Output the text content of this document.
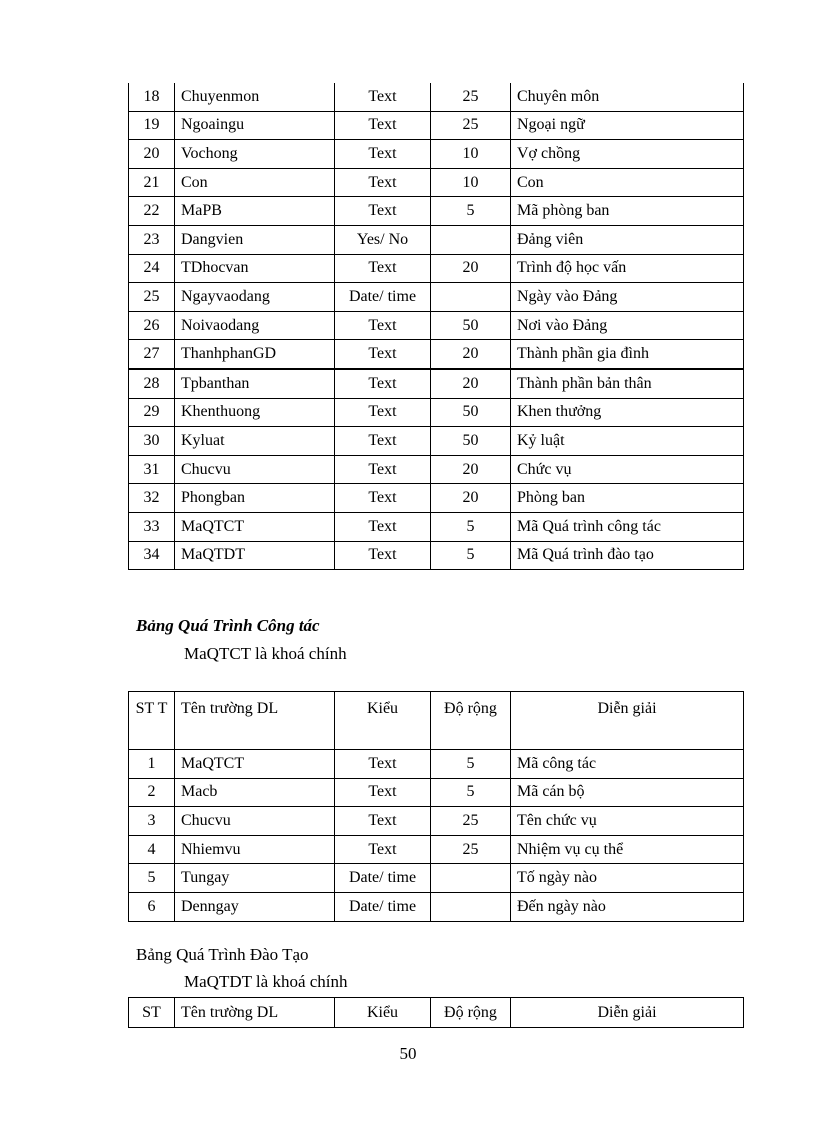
18	Chuyenmon	Text	25	Chuyên môn
19	Ngoaingu	Text	25	Ngoại ngữ
20	Vochong	Text	10	Vợ chồng
21	Con	Text	10	Con
22	MaPB	Text	5	Mã phòng ban
23	Dangvien	Yes/ No		Đảng viên
24	TDhocvan	Text	20	Trình độ học vấn
25	Ngayvaodang	Date/ time		Ngày vào Đảng
26	Noivaodang	Text	50	Nơi vào Đảng
27	ThanhphanGD	Text	20	Thành phần gia đình
28	Tpbanthan	Text	20	Thành phần bản thân
29	Khenthuong	Text	50	Khen thưởng
30	Kyluat	Text	50	Kỷ luật
31	Chucvu	Text	20	Chức vụ
32	Phongban	Text	20	Phòng ban
33	MaQTCT	Text	5	Mã Quá trình công tác
34	MaQTDT	Text	5	Mã Quá trình đào tạo
Bảng Quá Trình Công tác
MaQTCT là khoá chính
ST T	Tên trường DL	Kiểu	Độ rộng	Diễn giải
1	MaQTCT	Text	5	Mã công tác
2	Macb	Text	5	Mã cán bộ
3	Chucvu	Text	25	Tên chức vụ
4	Nhiemvu	Text	25	Nhiệm vụ cụ thể
5	Tungay	Date/ time		Tố ngày nào
6	Denngay	Date/ time		Đến ngày nào
Bảng Quá Trình Đào Tạo
MaQTDT là khoá chính
ST	Tên trường DL	Kiểu	Độ rộng	Diễn giải
50
